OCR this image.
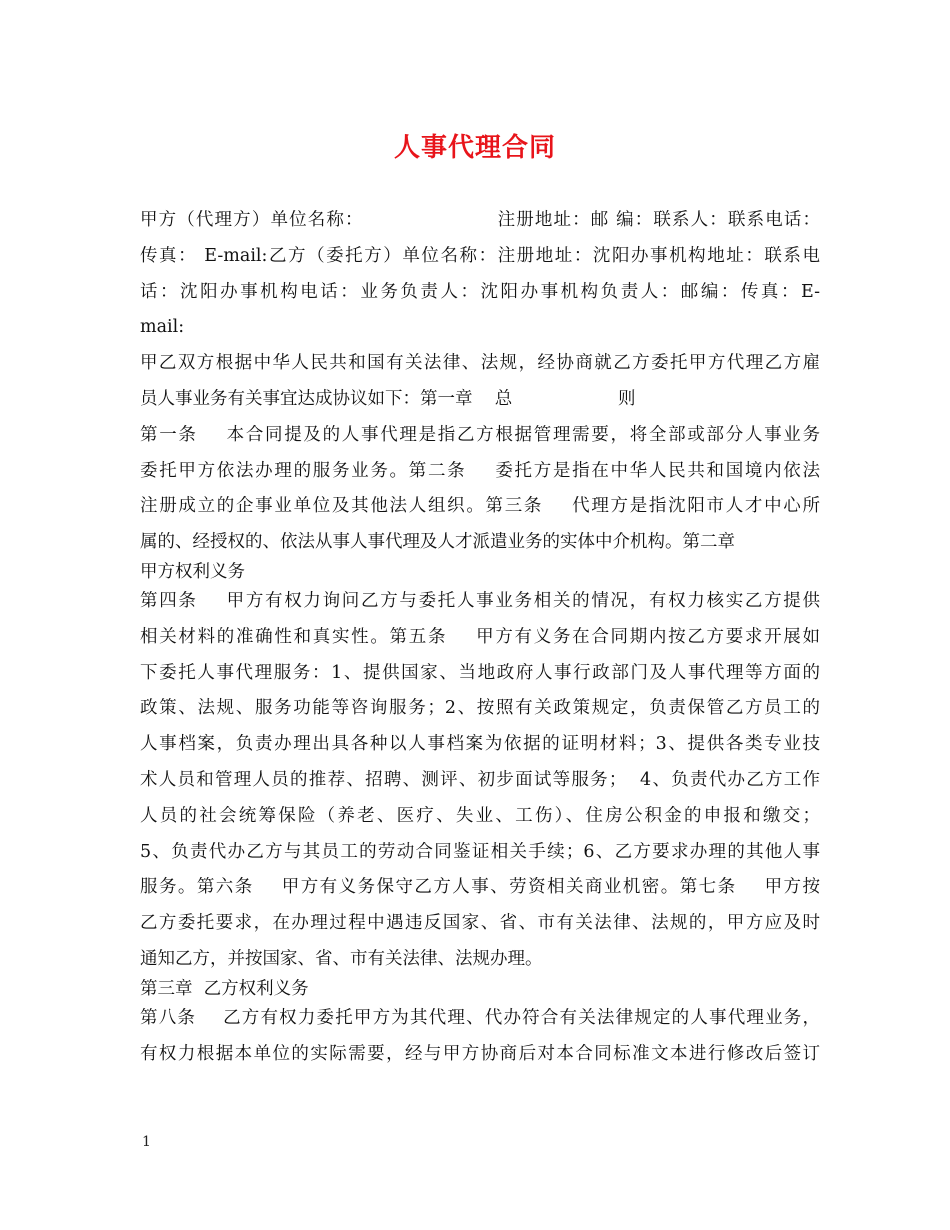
人事代理合同
甲方（代理方）单位名称：                    注册地址：邮 编：联系人：联系电话：
传真： E-mail:乙方（委托方）单位名称：注册地址：沈阳办事机构地址：联系电
话：沈阳办事机构电话：业务负责人：沈阳办事机构负责人：邮编：传真：E-
mail:
甲乙双方根据中华人民共和国有关法律、法规，经协商就乙方委托甲方代理乙方雇
员人事业务有关事宜达成协议如下：第一章    总                   则
第一条    本合同提及的人事代理是指乙方根据管理需要，将全部或部分人事业务
委托甲方依法办理的服务业务。第二条    委托方是指在中华人民共和国境内依法
注册成立的企事业单位及其他法人组织。第三条    代理方是指沈阳市人才中心所
属的、经授权的、依法从事人事代理及人才派遣业务的实体中介机构。第二章
甲方权利义务
第四条    甲方有权力询问乙方与委托人事业务相关的情况，有权力核实乙方提供
相关材料的准确性和真实性。第五条    甲方有义务在合同期内按乙方要求开展如
下委托人事代理服务：1、提供国家、当地政府人事行政部门及人事代理等方面的
政策、法规、服务功能等咨询服务；2、按照有关政策规定，负责保管乙方员工的
人事档案，负责办理出具各种以人事档案为依据的证明材料；3、提供各类专业技
术人员和管理人员的推荐、招聘、测评、初步面试等服务；  4、负责代办乙方工作
人员的社会统筹保险（养老、医疗、失业、工伤）、住房公积金的申报和缴交；
5、负责代办乙方与其员工的劳动合同鉴证相关手续；6、乙方要求办理的其他人事
服务。第六条    甲方有义务保守乙方人事、劳资相关商业机密。第七条    甲方按
乙方委托要求，在办理过程中遇违反国家、省、市有关法律、法规的，甲方应及时
通知乙方，并按国家、省、市有关法律、法规办理。
第三章  乙方权利义务
第八条    乙方有权力委托甲方为其代理、代办符合有关法律规定的人事代理业务，
有权力根据本单位的实际需要，经与甲方协商后对本合同标准文本进行修改后签订
1
